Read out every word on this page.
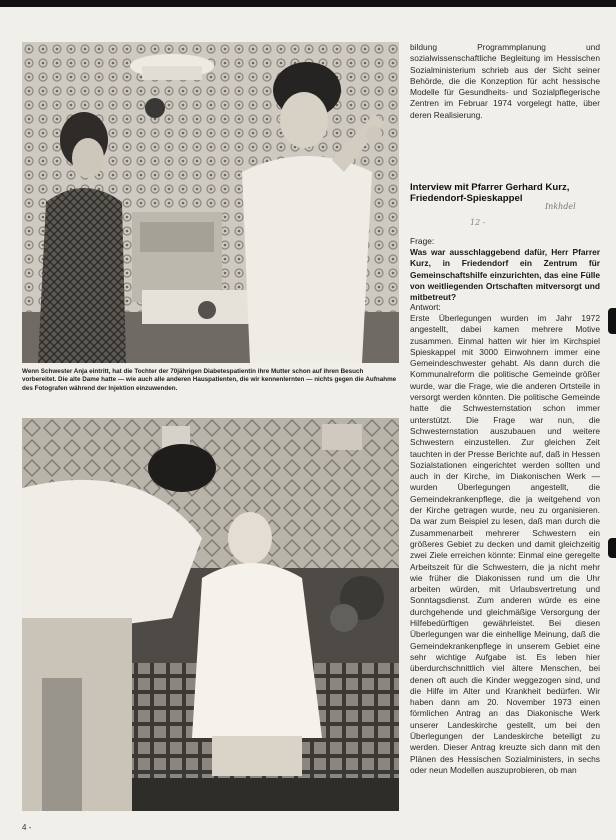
Wenn Schwester Anja eintritt, hat die Tochter der 70jährigen Diabetespatientin ihre Mutter schon auf ihren Besuch vorbereitet. Die alte Dame hatte — wie auch alle anderen Hauspatienten, die wir kennenlernten — nichts gegen die Aufnahme des Fotografen während der Injektion einzuwenden.
bildung Programmplanung und sozialwissenschaftliche Begleitung im Hessischen Sozialministerium schrieb aus der Sicht seiner Behörde, die die Konzeption für acht hessische Modelle für Gesundheits- und Sozialpflegerische Zentren im Februar 1974 vorgelegt hatte, über deren Realisierung.
Interview mit Pfarrer Gerhard Kurz, Friedendorf-Spieskappel
Inkhdel
12 -
Frage:
Was war ausschlaggebend dafür, Herr Pfarrer Kurz, in Friedendorf ein Zentrum für Gemeinschaftshilfe einzurichten, das eine Fülle von weitliegenden Ortschaften mitversorgt und mitbetreut?
Antwort:
Erste Überlegungen wurden im Jahr 1972 angestellt, dabei kamen mehrere Motive zusammen. Einmal hatten wir hier im Kirchspiel Spieskappel mit 3000 Einwohnern immer eine Gemeindeschwester gehabt. Als dann durch die Kommunalreform die politische Gemeinde größer wurde, war die Frage, wie die anderen Ortsteile in versorgt werden könnten. Die politische Gemeinde hatte die Schwesternstation schon immer unterstützt. Die Frage war nun, die Schwesternstation auszubauen und weitere Schwestern einzustellen. Zur gleichen Zeit tauchten in der Presse Berichte auf, daß in Hessen Sozialstationen eingerichtet werden sollten und auch in der Kirche, im Diakonischen Werk — wurden Überlegungen angestellt, die Gemeindekrankenpflege, die ja weitgehend von der Kirche getragen wurde, neu zu organisieren. Da war zum Beispiel zu lesen, daß man durch die Zusammenarbeit mehrerer Schwestern ein größeres Gebiet zu decken und damit gleichzeitig zwei Ziele erreichen könnte: Einmal eine geregelte Arbeitszeit für die Schwestern, die ja nicht mehr wie früher die Diakonissen rund um die Uhr arbeiten würden, mit Urlaubsvertretung und Sonntagsdienst. Zum anderen würde es eine durchgehende und gleichmäßige Versorgung der Hilfebedürftigen gewährleistet. Bei diesen Überlegungen war die einhellige Meinung, daß die Gemeindekrankenpflege in unserem Gebiet eine sehr wichtige Aufgabe ist. Es leben hier überdurchschnittlich viel ältere Menschen, bei denen oft auch die Kinder weggezogen sind, und die Hilfe im Alter und Krankheit bedürfen. Wir haben dann am 20. November 1973 einen förmlichen Antrag an das Diakonische Werk unserer Landeskirche gestellt, um bei den Überlegungen der Landeskirche beteiligt zu werden. Dieser Antrag kreuzte sich dann mit den Plänen des Hessischen Sozialministers, in sechs oder neun Modellen auszuprobieren, ob man
4 -
